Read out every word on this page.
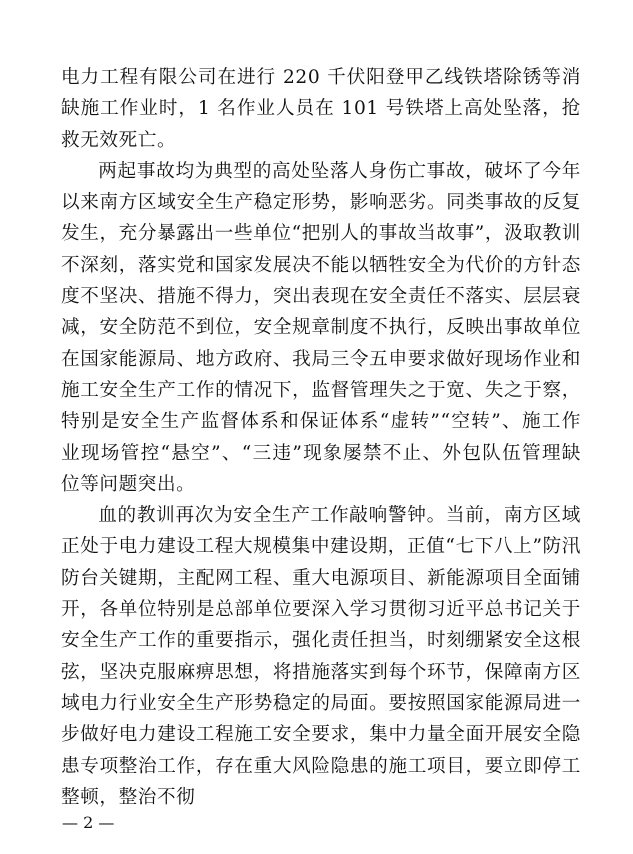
电力工程有限公司在进行 220 千伏阳登甲乙线铁塔除锈等消缺施工作业时，1 名作业人员在 101 号铁塔上高处坠落，抢救无效死亡。

两起事故均为典型的高处坠落人身伤亡事故，破坏了今年以来南方区域安全生产稳定形势，影响恶劣。同类事故的反复发生，充分暴露出一些单位“把别人的事故当故事”，汲取教训不深刻，落实党和国家发展决不能以牺牲安全为代价的方针态度不坚决、措施不得力，突出表现在安全责任不落实、层层衰减，安全防范不到位，安全规章制度不执行，反映出事故单位在国家能源局、地方政府、我局三令五申要求做好现场作业和施工安全生产工作的情况下，监督管理失之于宽、失之于察，特别是安全生产监督体系和保证体系“虚转”“空转”、施工作业现场管控“悬空”、“三违”现象屡禁不止、外包队伍管理缺位等问题突出。

血的教训再次为安全生产工作敲响警钟。当前，南方区域正处于电力建设工程大规模集中建设期，正值“七下八上”防汛防台关键期，主配网工程、重大电源项目、新能源项目全面铺开，各单位特别是总部单位要深入学习贯彻习近平总书记关于安全生产工作的重要指示，强化责任担当，时刻绷紧安全这根弦，坚决克服麻痹思想，将措施落实到每个环节，保障南方区域电力行业安全生产形势稳定的局面。要按照国家能源局进一步做好电力建设工程施工安全要求，集中力量全面开展安全隐患专项整治工作，存在重大风险隐患的施工项目，要立即停工整顿，整治不彻

— 2 —
